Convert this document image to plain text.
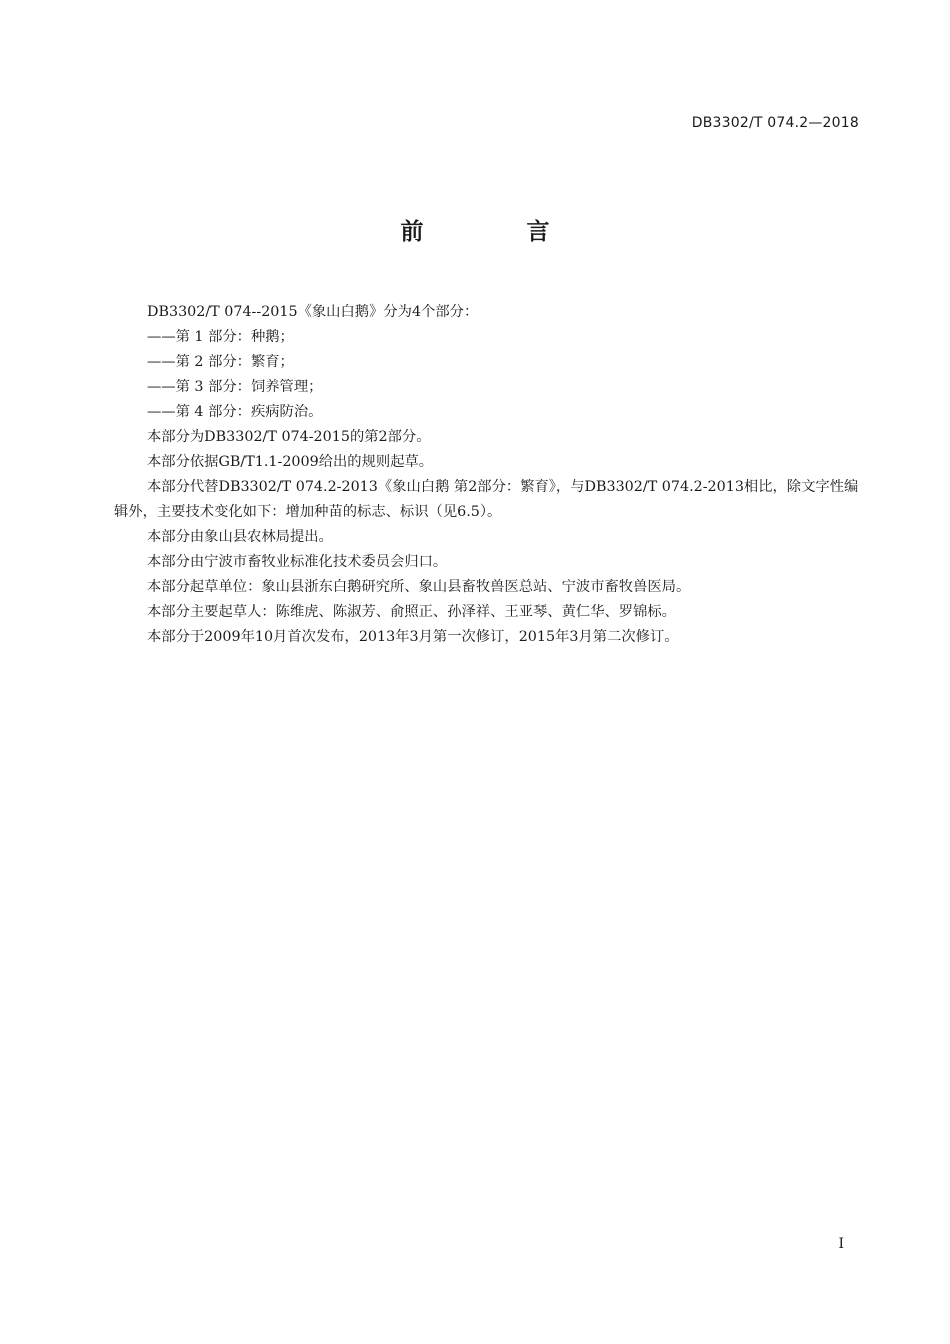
DB3302/T 074.2—2018
前　言

DB3302/T 074--2015《象山白鹅》分为4个部分：

——第 1 部分：种鹅；

——第 2 部分：繁育；

——第 3 部分：饲养管理；

——第 4 部分：疾病防治。

本部分为DB3302/T 074-2015的第2部分。

本部分依据GB/T1.1-2009给出的规则起草。

本部分代替DB3302/T 074.2-2013《象山白鹅 第2部分：繁育》，与DB3302/T 074.2-2013相比，除文字性编辑外，主要技术变化如下：增加种苗的标志、标识（见6.5）。

本部分由象山县农林局提出。

本部分由宁波市畜牧业标准化技术委员会归口。

本部分起草单位：象山县浙东白鹅研究所、象山县畜牧兽医总站、宁波市畜牧兽医局。

本部分主要起草人：陈维虎、陈淑芳、俞照正、孙泽祥、王亚琴、黄仁华、罗锦标。

本部分于2009年10月首次发布，2013年3月第一次修订，2015年3月第二次修订。

I
